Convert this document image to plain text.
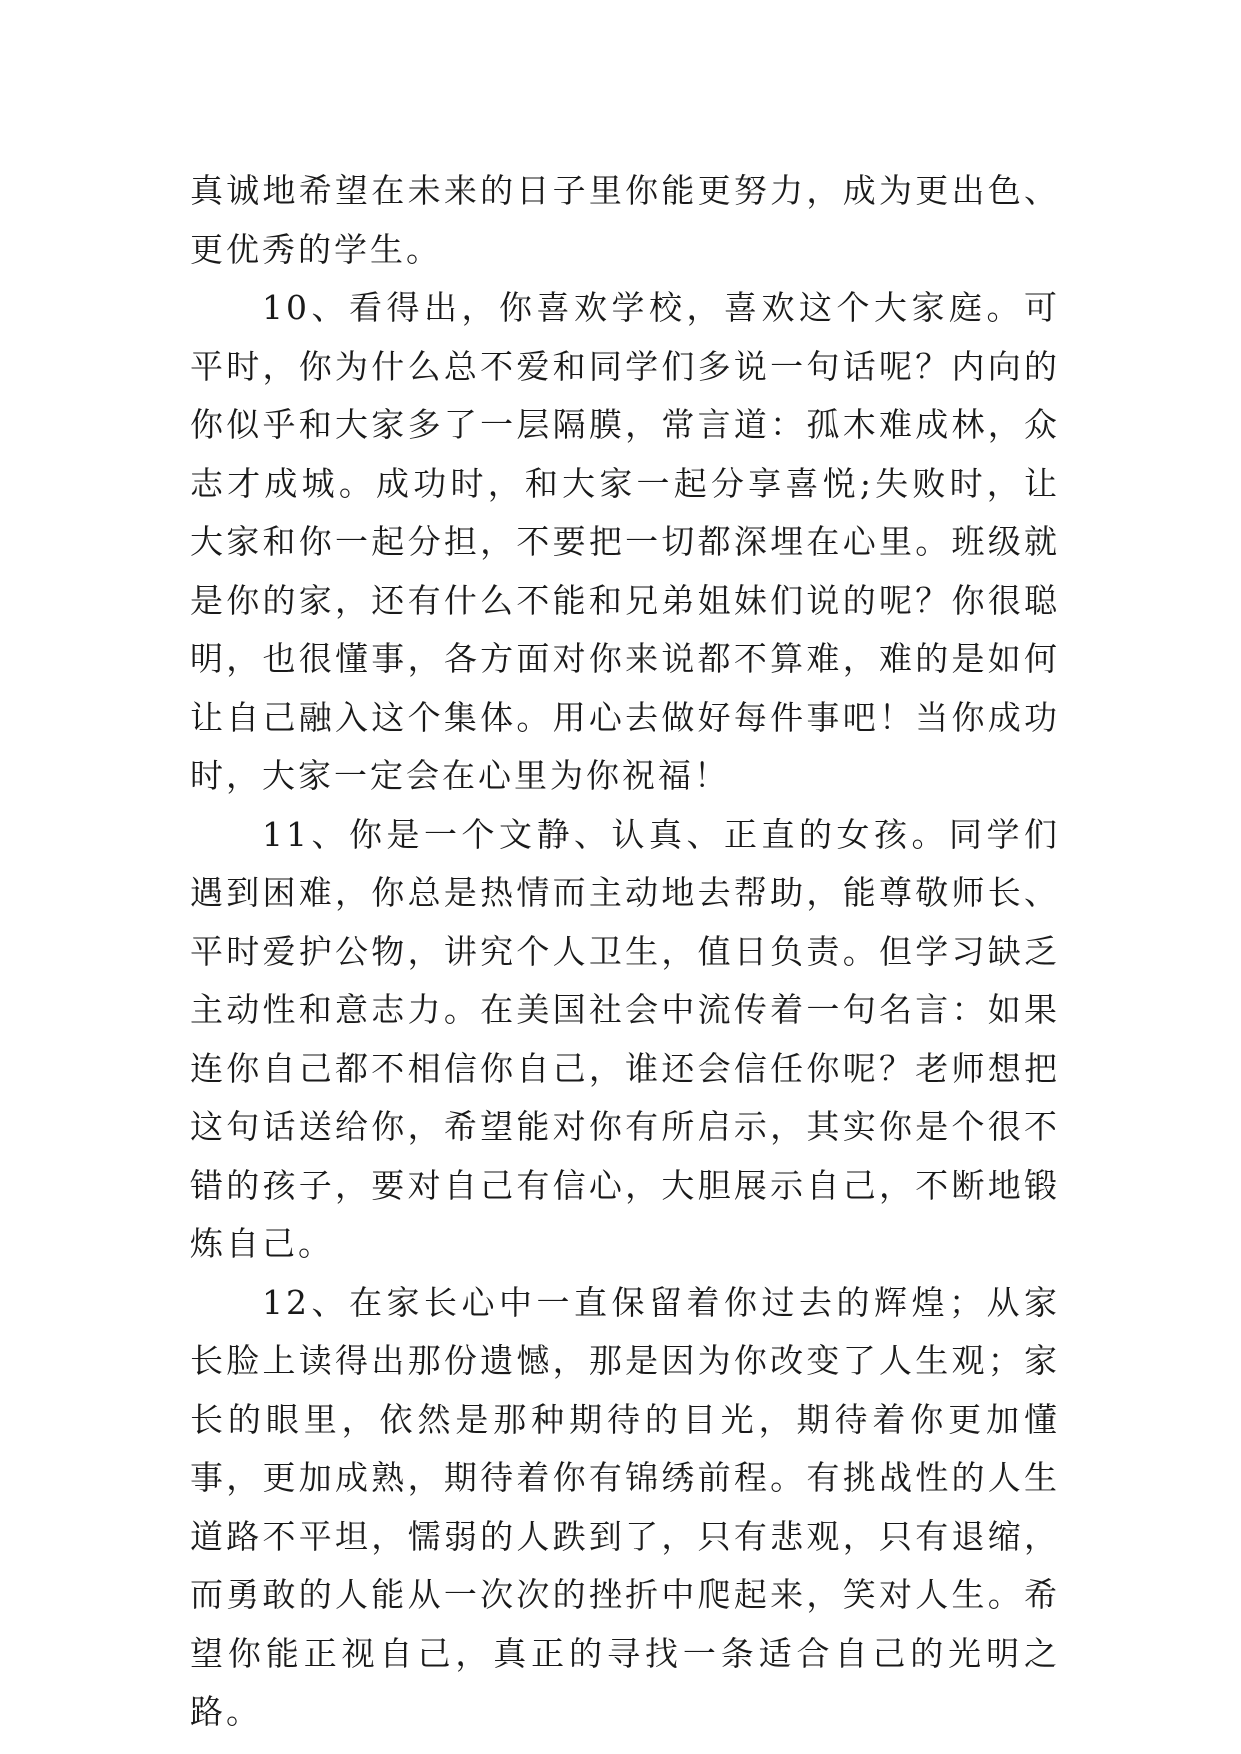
真诚地希望在未来的日子里你能更努力，成为更出色、更优秀的学生。

10、看得出，你喜欢学校，喜欢这个大家庭。可平时，你为什么总不爱和同学们多说一句话呢？内向的你似乎和大家多了一层隔膜，常言道：孤木难成林，众志才成城。成功时，和大家一起分享喜悦;失败时，让大家和你一起分担，不要把一切都深埋在心里。班级就是你的家，还有什么不能和兄弟姐妹们说的呢？你很聪明，也很懂事，各方面对你来说都不算难，难的是如何让自己融入这个集体。用心去做好每件事吧！当你成功时，大家一定会在心里为你祝福！

11、你是一个文静、认真、正直的女孩。同学们遇到困难，你总是热情而主动地去帮助，能尊敬师长、平时爱护公物，讲究个人卫生，值日负责。但学习缺乏主动性和意志力。在美国社会中流传着一句名言：如果连你自己都不相信你自己，谁还会信任你呢？老师想把这句话送给你，希望能对你有所启示，其实你是个很不错的孩子，要对自己有信心，大胆展示自己，不断地锻炼自己。

12、在家长心中一直保留着你过去的辉煌；从家长脸上读得出那份遗憾，那是因为你改变了人生观；家长的眼里，依然是那种期待的目光，期待着你更加懂事，更加成熟，期待着你有锦绣前程。有挑战性的人生道路不平坦，懦弱的人跌到了，只有悲观，只有退缩，而勇敢的人能从一次次的挫折中爬起来，笑对人生。希望你能正视自己，真正的寻找一条适合自己的光明之路。
